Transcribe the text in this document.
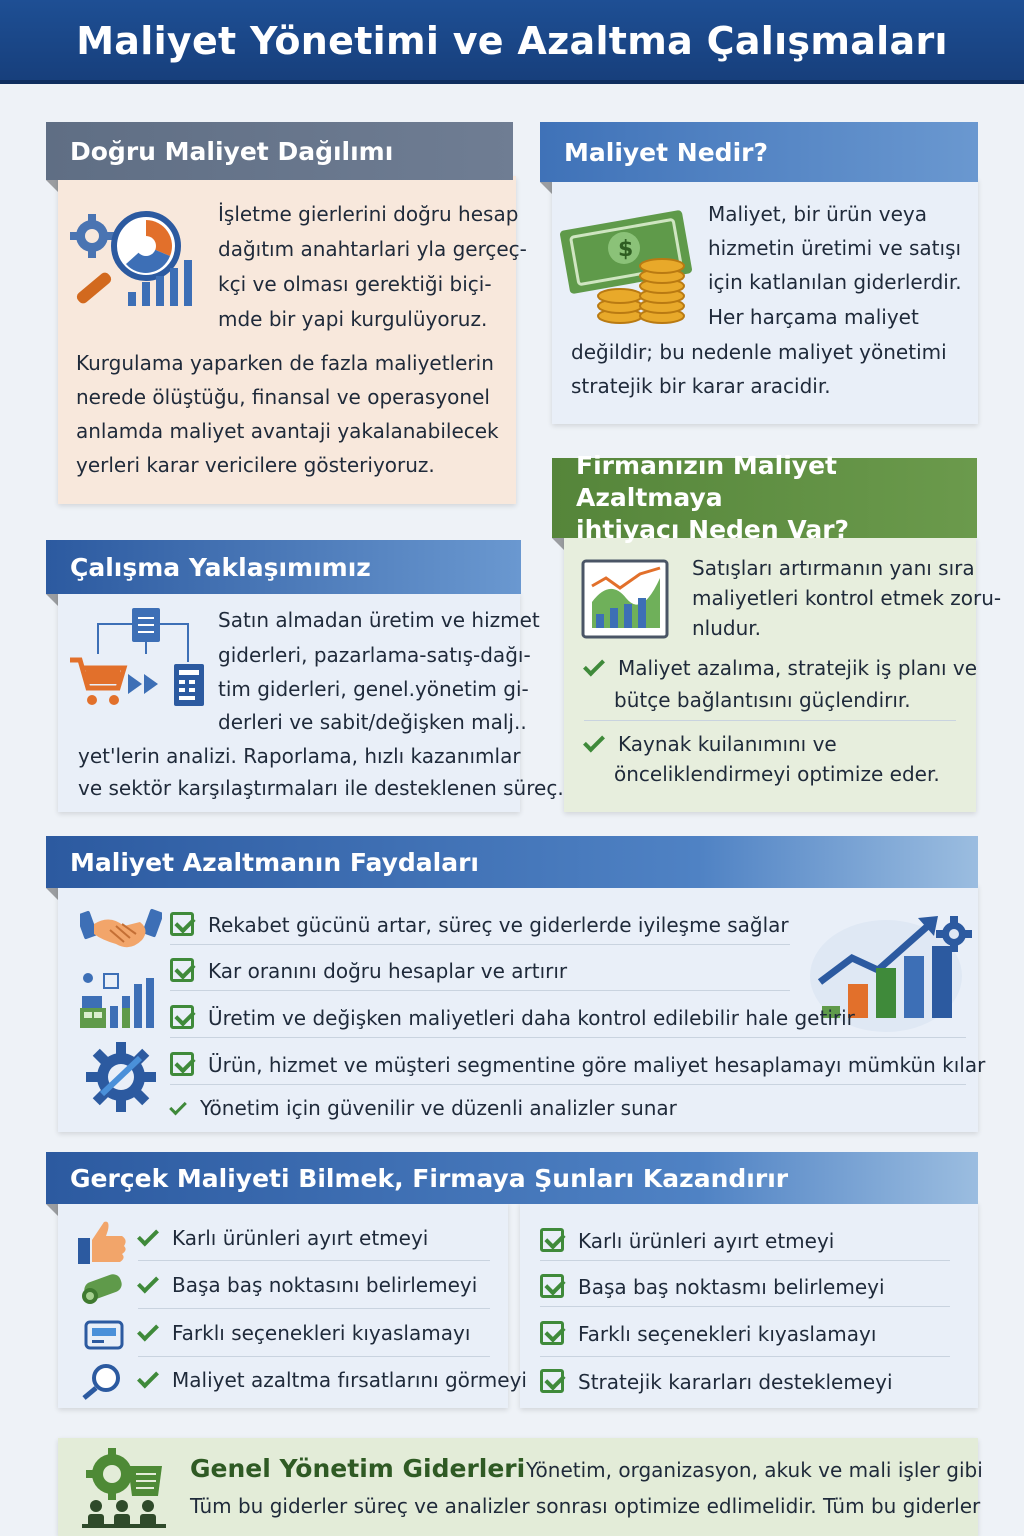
Maliyet Yönetimi ve Azaltma Çalışmaları
Doğru Maliyet Dağılımı
İşletme gierlerini doğru hesap
dağıtım anahtarlari yla gerçeç-
kçi ve olması gerektiği biçi-
mde bir yapi kurgulüyoruz.
Kurgulama yaparken de fazla maliyetlerin nerede ölüştüğu, finansal ve operasyonel anlamda maliyet avantaji yakalanabilecek yerleri karar vericilere gösteriyoruz.
Maliyet Nedir?
$
Maliyet, bir ürün veya
hizmetin üretimi ve satışı
için katlanılan giderlerdir.
Her harçama maliyet
değildir; bu nedenle maliyet yönetimi
stratejik bir karar aracidir.
Firmanızın Maliyet Azaltmaya
ihtiyacı Neden Var?
Satışları artırmanın yanı sıra
maliyetleri kontrol etmek zoru-
nludur.
Maliyet azalıma, stratejik iş planı ve
bütçe bağlantısını güçlendirır.
Kaynak kuilanımını ve
önceliklendirmeyi optimize eder.
Çalışma Yaklaşımımız
Satın almadan üretim ve hizmet
giderleri, pazarlama-satış-dağı-
tim giderleri, genel.yönetim gi-
derleri ve sabit/değişken malj..
yet'lerin analizi. Raporlama, hızlı kazanımlar
ve sektör karşılaştırmaları ile desteklenen süreç.
Maliyet Azaltmanın Faydaları
Rekabet gücünü artar, süreç ve giderlerde iyileşme sağlar
Kar oranını doğru hesaplar ve artırır
Üretim ve değişken maliyetleri daha kontrol edilebilir hale getirir
Ürün, hizmet ve müşteri segmentine göre maliyet hesaplamayı mümkün kılar
Yönetim için güvenilir ve düzenli analizler sunar
Gerçek Maliyeti Bilmek, Firmaya Şunları Kazandırır
Karlı ürünleri ayırt etmeyi
Başa baş noktasını belirlemeyi
Farklı seçenekleri kıyaslamayı
Maliyet azaltma fırsatlarını görmeyi
Karlı ürünleri ayırt etmeyi
Başa baş noktasmı belirlemeyi
Farklı seçenekleri kıyaslamayı
Stratejik kararları desteklemeyi
Genel Yönetim Giderleri Yönetim, organizasyon, akuk ve mali işler gibi
Tüm bu giderler süreç ve analizler sonrası optimize edlimelidir. Tüm bu giderler
